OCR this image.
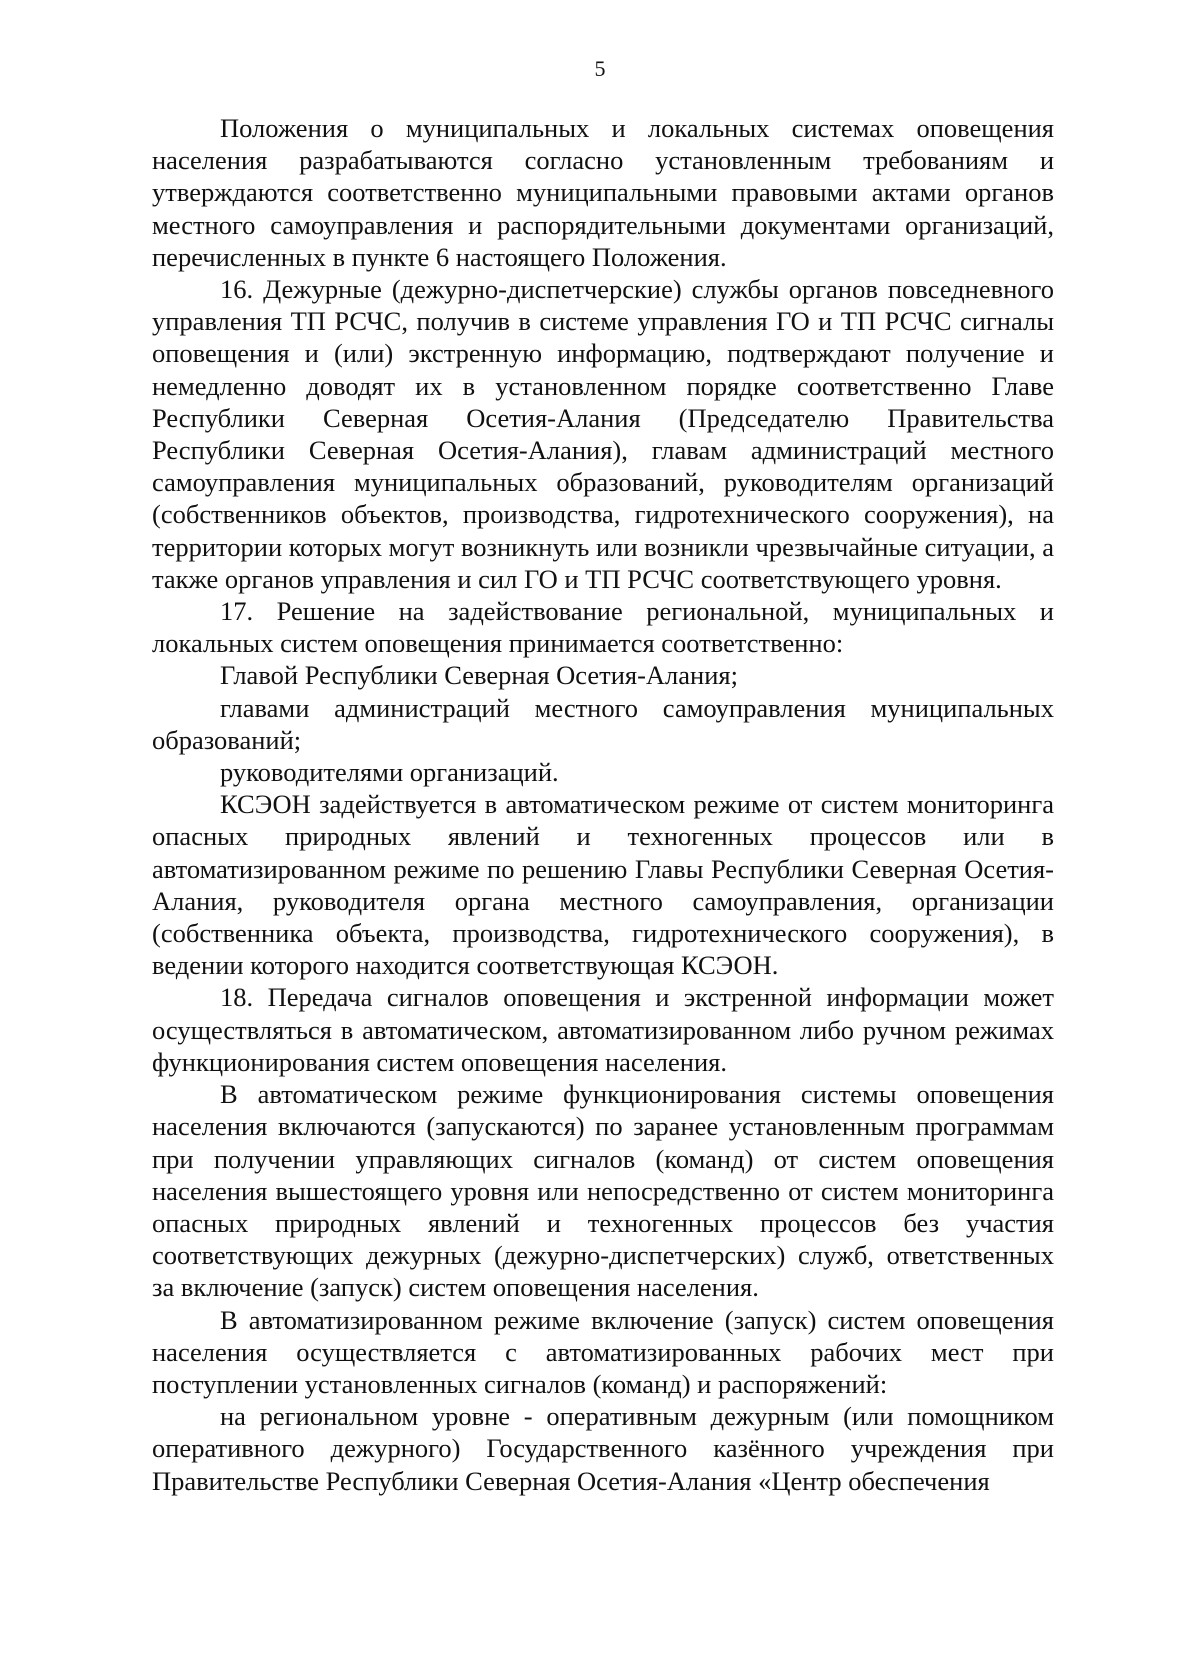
5

Положения о муниципальных и локальных системах оповещения населения разрабатываются согласно установленным требованиям и утверждаются соответственно муниципальными правовыми актами органов местного самоуправления и распорядительными документами организаций, перечисленных в пункте 6 настоящего Положения.

16. Дежурные (дежурно-диспетчерские) службы органов повседневного управления ТП РСЧС, получив в системе управления ГО и ТП РСЧС сигналы оповещения и (или) экстренную информацию, подтверждают получение и немедленно доводят их в установленном порядке соответственно Главе Республики Северная Осетия-Алания (Председателю Правительства Республики Северная Осетия-Алания), главам администраций местного самоуправления муниципальных образований, руководителям организаций (собственников объектов, производства, гидротехнического сооружения), на территории которых могут возникнуть или возникли чрезвычайные ситуации, а также органов управления и сил ГО и ТП РСЧС соответствующего уровня.

17. Решение на задействование региональной, муниципальных и локальных систем оповещения принимается соответственно:

Главой Республики Северная Осетия-Алания;

главами администраций местного самоуправления муниципальных образований;

руководителями организаций.

КСЭОН задействуется в автоматическом режиме от систем мониторинга опасных природных явлений и техногенных процессов или в автоматизированном режиме по решению Главы Республики Северная Осетия-Алания, руководителя органа местного самоуправления, организации (собственника объекта, производства, гидротехнического сооружения), в ведении которого находится соответствующая КСЭОН.

18. Передача сигналов оповещения и экстренной информации может осуществляться в автоматическом, автоматизированном либо ручном режимах функционирования систем оповещения населения.

В автоматическом режиме функционирования системы оповещения населения включаются (запускаются) по заранее установленным программам при получении управляющих сигналов (команд) от систем оповещения населения вышестоящего уровня или непосредственно от систем мониторинга опасных природных явлений и техногенных процессов без участия соответствующих дежурных (дежурно-диспетчерских) служб, ответственных за включение (запуск) систем оповещения населения.

В автоматизированном режиме включение (запуск) систем оповещения населения осуществляется с автоматизированных рабочих мест при поступлении установленных сигналов (команд) и распоряжений:

на региональном уровне - оперативным дежурным (или помощником оперативного дежурного) Государственного казённого учреждения при Правительстве Республики Северная Осетия-Алания «Центр обеспечения
